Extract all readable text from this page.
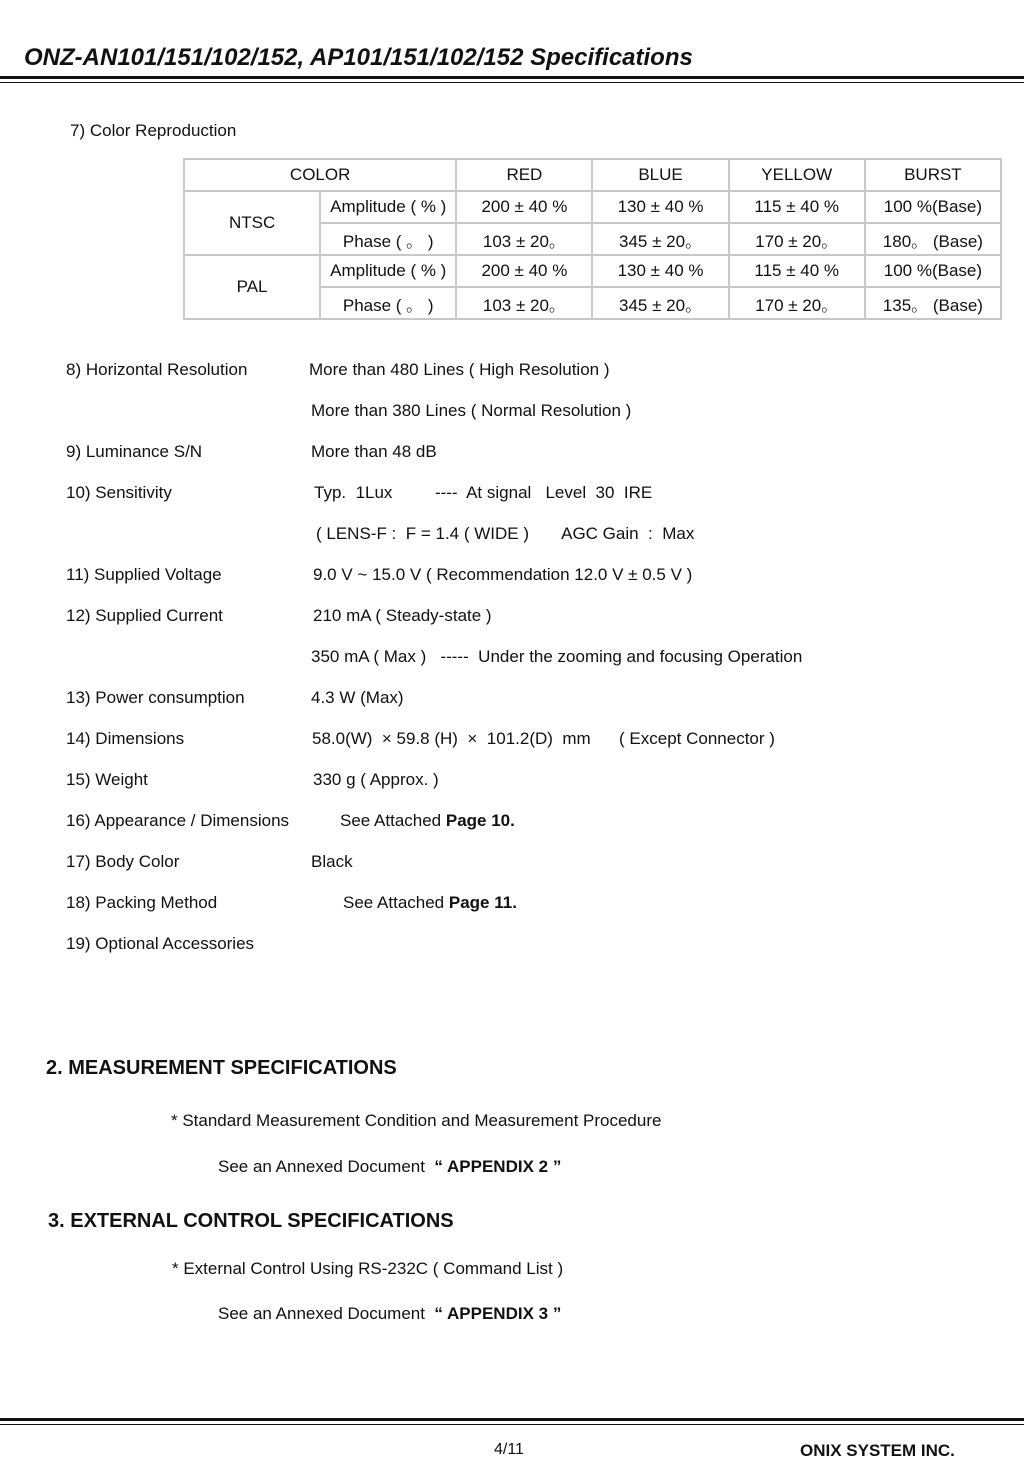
ONZ-AN101/151/102/152, AP101/151/102/152 Specifications
7) Color Reproduction
COLOR		RED	BLUE	YELLOW	BURST
NTSC	Amplitude ( % )	200 ± 40 %	130 ± 40 %	115 ± 40 %	100 %(Base)
	Phase ( 。 )	103 ± 20。	345 ± 20。	170 ± 20。	180。 (Base)
PAL	Amplitude ( % )	200 ± 40 %	130 ± 40 %	115 ± 40 %	100 %(Base)
	Phase ( 。 )	103 ± 20。	345 ± 20。	170 ± 20。	135。 (Base)
8) Horizontal Resolution	More than 480 Lines ( High Resolution )
More than 380 Lines ( Normal Resolution )
9) Luminance S/N	More than 48 dB
10) Sensitivity	Typ.  1Lux         ----  At signal   Level  30  IRE
( LENS-F :  F = 1.4 ( WIDE )       AGC Gain  :  Max
11) Supplied Voltage	9.0 V ~ 15.0 V ( Recommendation 12.0 V ± 0.5 V )
12) Supplied Current	210 mA ( Steady-state )
350 mA ( Max )   -----  Under the zooming and focusing Operation
13) Power consumption	4.3 W (Max)
14) Dimensions	58.0(W)  × 59.8 (H)  ×  101.2(D)  mm      ( Except Connector )
15) Weight	330 g ( Approx. )
16) Appearance / Dimensions	See Attached Page 10.
17) Body Color	Black
18) Packing Method	See Attached Page 11.
19) Optional Accessories
2. MEASUREMENT SPECIFICATIONS
* Standard Measurement Condition and Measurement Procedure
See an Annexed Document  “ APPENDIX 2 ”
3. EXTERNAL CONTROL SPECIFICATIONS
* External Control Using RS-232C ( Command List )
See an Annexed Document  “ APPENDIX 3 ”
4/11	ONIX SYSTEM INC.
